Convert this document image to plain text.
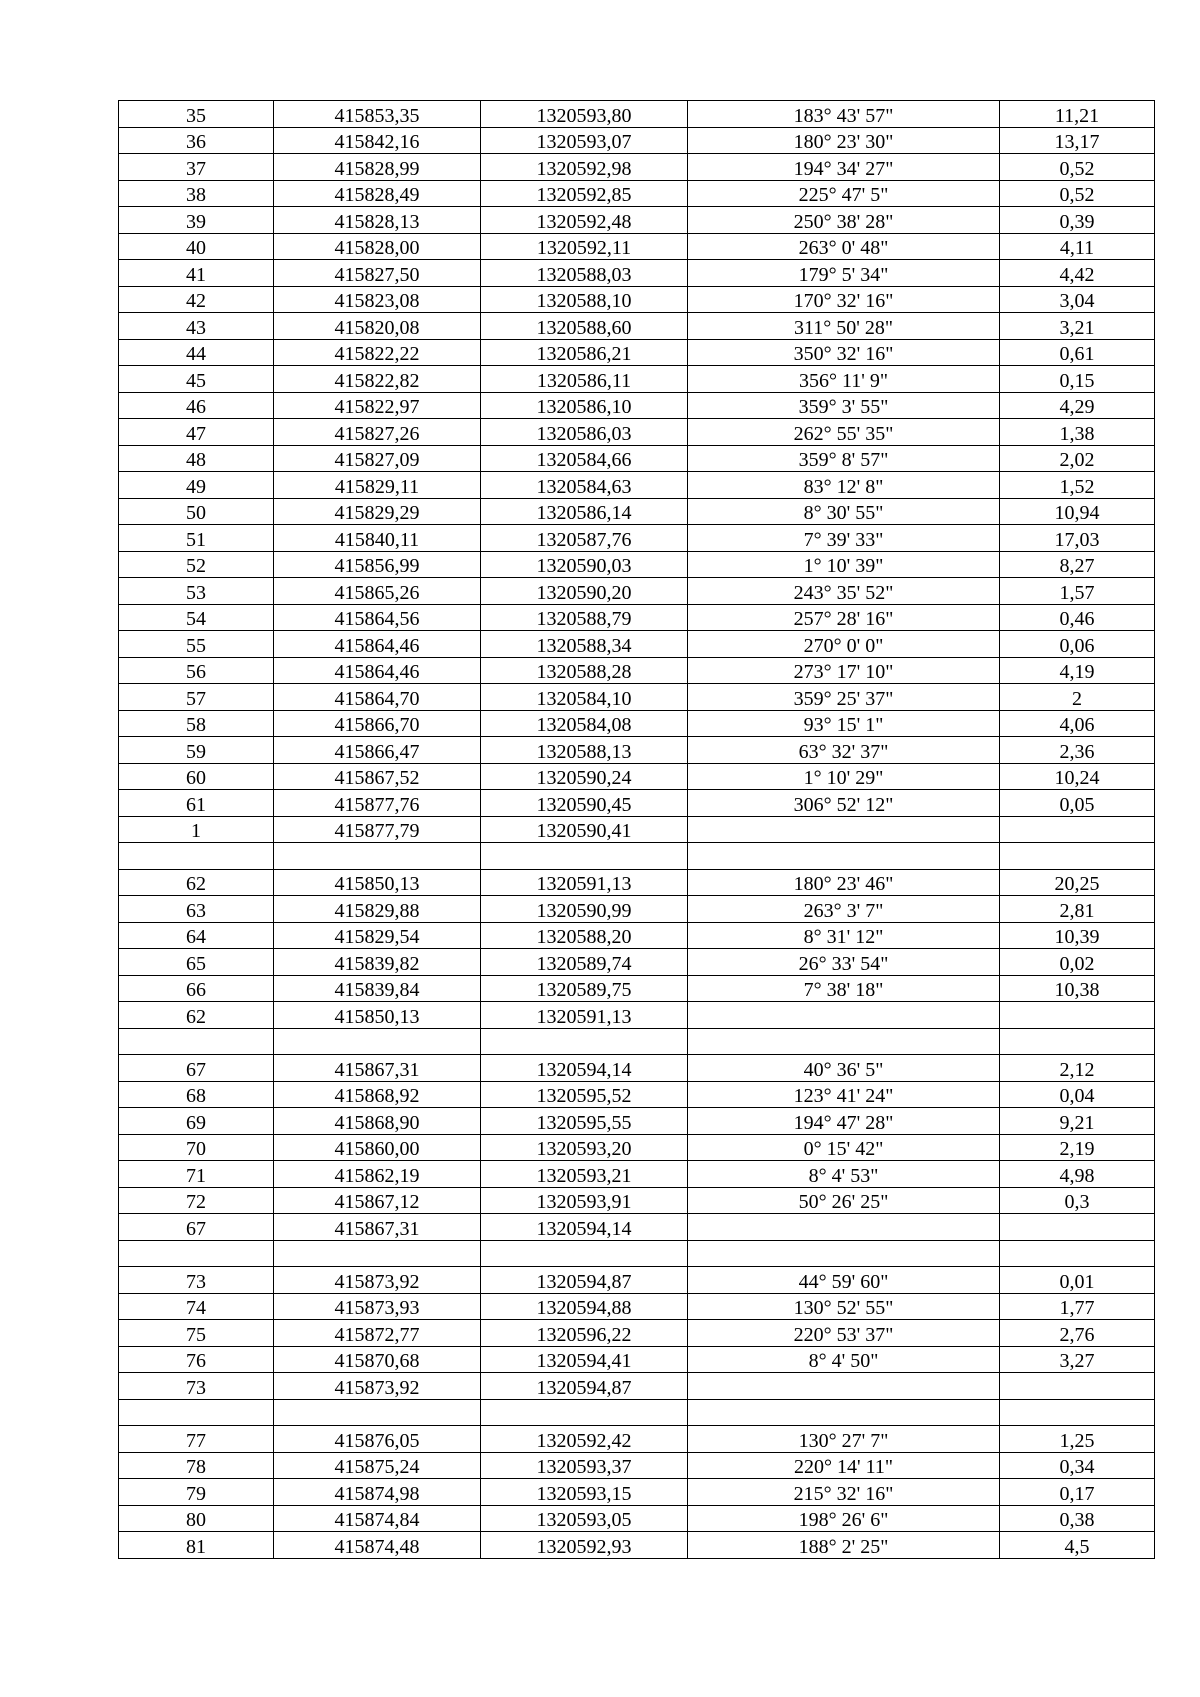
35	415853,35	1320593,80	183° 43' 57"	11,21
36	415842,16	1320593,07	180° 23' 30"	13,17
37	415828,99	1320592,98	194° 34' 27"	0,52
38	415828,49	1320592,85	225° 47' 5"	0,52
39	415828,13	1320592,48	250° 38' 28"	0,39
40	415828,00	1320592,11	263° 0' 48"	4,11
41	415827,50	1320588,03	179° 5' 34"	4,42
42	415823,08	1320588,10	170° 32' 16"	3,04
43	415820,08	1320588,60	311° 50' 28"	3,21
44	415822,22	1320586,21	350° 32' 16"	0,61
45	415822,82	1320586,11	356° 11' 9"	0,15
46	415822,97	1320586,10	359° 3' 55"	4,29
47	415827,26	1320586,03	262° 55' 35"	1,38
48	415827,09	1320584,66	359° 8' 57"	2,02
49	415829,11	1320584,63	83° 12' 8"	1,52
50	415829,29	1320586,14	8° 30' 55"	10,94
51	415840,11	1320587,76	7° 39' 33"	17,03
52	415856,99	1320590,03	1° 10' 39"	8,27
53	415865,26	1320590,20	243° 35' 52"	1,57
54	415864,56	1320588,79	257° 28' 16"	0,46
55	415864,46	1320588,34	270° 0' 0"	0,06
56	415864,46	1320588,28	273° 17' 10"	4,19
57	415864,70	1320584,10	359° 25' 37"	2
58	415866,70	1320584,08	93° 15' 1"	4,06
59	415866,47	1320588,13	63° 32' 37"	2,36
60	415867,52	1320590,24	1° 10' 29"	10,24
61	415877,76	1320590,45	306° 52' 12"	0,05
1	415877,79	1320590,41		

62	415850,13	1320591,13	180° 23' 46"	20,25
63	415829,88	1320590,99	263° 3' 7"	2,81
64	415829,54	1320588,20	8° 31' 12"	10,39
65	415839,82	1320589,74	26° 33' 54"	0,02
66	415839,84	1320589,75	7° 38' 18"	10,38
62	415850,13	1320591,13		

67	415867,31	1320594,14	40° 36' 5"	2,12
68	415868,92	1320595,52	123° 41' 24"	0,04
69	415868,90	1320595,55	194° 47' 28"	9,21
70	415860,00	1320593,20	0° 15' 42"	2,19
71	415862,19	1320593,21	8° 4' 53"	4,98
72	415867,12	1320593,91	50° 26' 25"	0,3
67	415867,31	1320594,14		

73	415873,92	1320594,87	44° 59' 60"	0,01
74	415873,93	1320594,88	130° 52' 55"	1,77
75	415872,77	1320596,22	220° 53' 37"	2,76
76	415870,68	1320594,41	8° 4' 50"	3,27
73	415873,92	1320594,87		

77	415876,05	1320592,42	130° 27' 7"	1,25
78	415875,24	1320593,37	220° 14' 11"	0,34
79	415874,98	1320593,15	215° 32' 16"	0,17
80	415874,84	1320593,05	198° 26' 6"	0,38
81	415874,48	1320592,93	188° 2' 25"	4,5
